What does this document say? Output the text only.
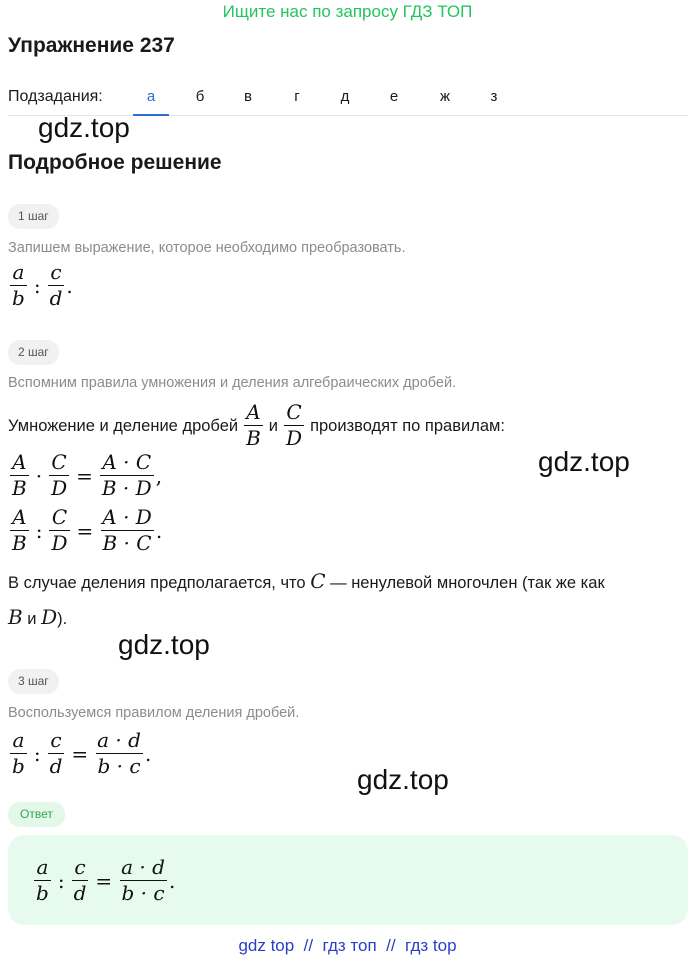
Ищите нас по запросу ГДЗ ТОП
Упражнение 237
Подзадания:	а	б	в	г	д	е	ж	з
gdz.top
Подробное решение
1 шаг
Запишем выражение, которое необходимо преобразовать.
$\frac{a}{b}$ : $\frac{c}{d}$ .
2 шаг
Вспомним правила умножения и деления алгебраических дробей.
Умножение и деление дробей $\frac{A}{B}$ и $\frac{C}{D}$ производят по правилам:
$\frac{A}{B} \cdot \frac{C}{D} = \frac{A \cdot C}{B \cdot D}$ ,
$\frac{A}{B}$ : $\frac{C}{D} = \frac{A \cdot D}{B \cdot C}$ .
gdz.top
В случае деления предполагается, что C — ненулевой многочлен (так же как
B и D).
gdz.top
3 шаг
Воспользуемся правилом деления дробей.
$\frac{a}{b}$ : $\frac{c}{d} = \frac{a \cdot d}{b \cdot c}$ .
gdz.top
Ответ
$\frac{a}{b}$ : $\frac{c}{d} = \frac{a \cdot d}{b \cdot c}$ .
gdz top  //  гдз топ  //  гдз top
